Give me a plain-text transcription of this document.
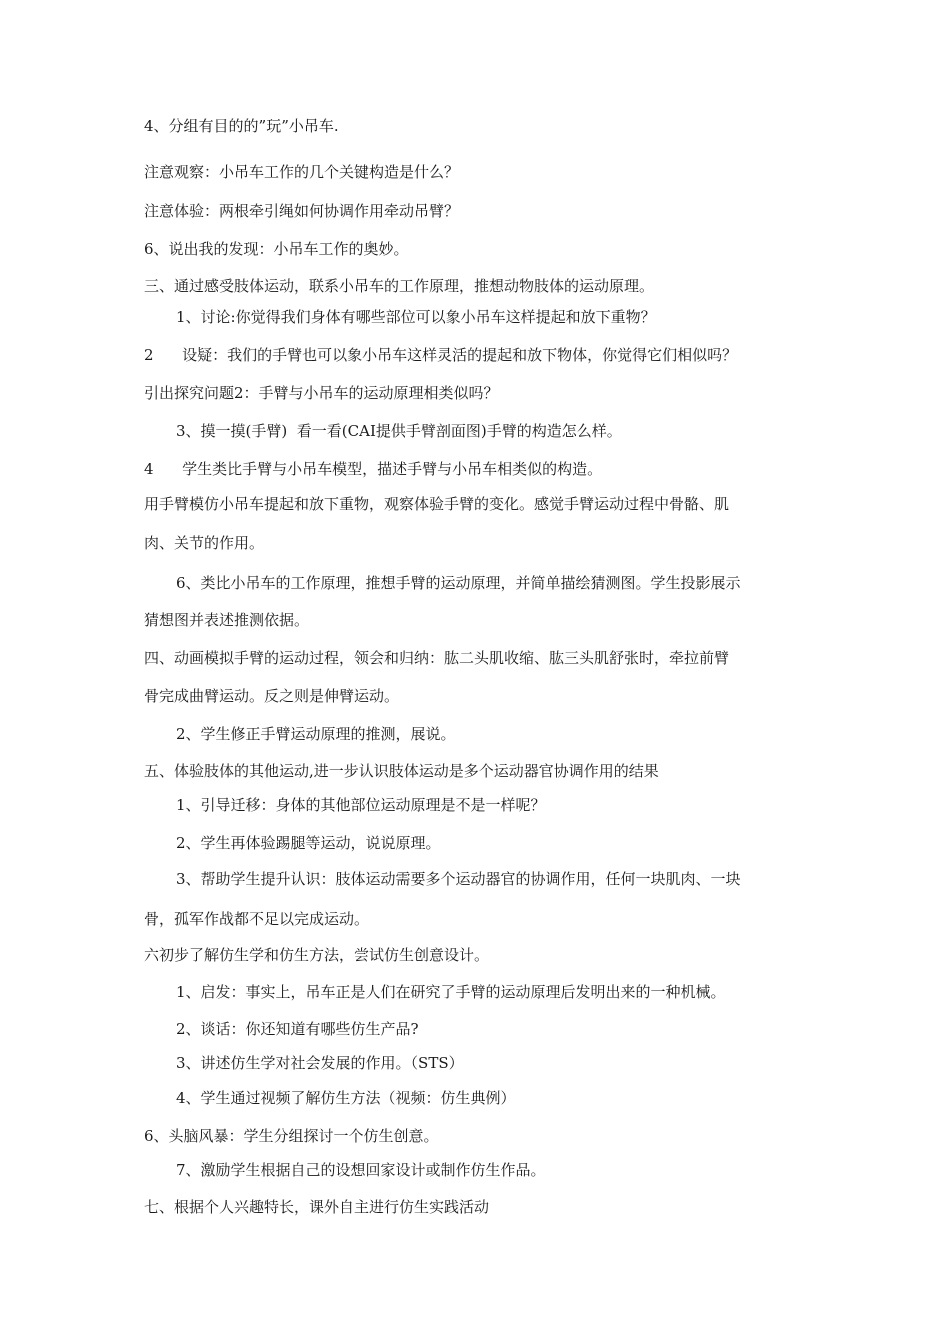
4、分组有目的的”玩”小吊车.
注意观察：小吊车工作的几个关键构造是什么？
注意体验：两根牵引绳如何协调作用牵动吊臂？
6、说出我的发现：小吊车工作的奥妙。
三、通过感受肢体运动，联系小吊车的工作原理，推想动物肢体的运动原理。
1、讨论:你觉得我们身体有哪些部位可以象小吊车这样提起和放下重物？
2      设疑：我们的手臂也可以象小吊车这样灵活的提起和放下物体，你觉得它们相似吗？
引出探究问题2：手臂与小吊车的运动原理相类似吗？
3、摸一摸(手臂)  看一看(CAI提供手臂剖面图)手臂的构造怎么样。
4      学生类比手臂与小吊车模型，描述手臂与小吊车相类似的构造。
用手臂模仿小吊车提起和放下重物，观察体验手臂的变化。感觉手臂运动过程中骨骼、肌
肉、关节的作用。
6、类比小吊车的工作原理，推想手臂的运动原理，并简单描绘猜测图。学生投影展示
猜想图并表述推测依据。
四、动画模拟手臂的运动过程，领会和归纳：肱二头肌收缩、肱三头肌舒张时，牵拉前臂
骨完成曲臂运动。反之则是伸臂运动。
2、学生修正手臂运动原理的推测，展说。
五、体验肢体的其他运动,进一步认识肢体运动是多个运动器官协调作用的结果
1、引导迁移：身体的其他部位运动原理是不是一样呢？
2、学生再体验踢腿等运动，说说原理。
3、帮助学生提升认识：肢体运动需要多个运动器官的协调作用，任何一块肌肉、一块
骨，孤军作战都不足以完成运动。
六初步了解仿生学和仿生方法，尝试仿生创意设计。
1、启发：事实上，吊车正是人们在研究了手臂的运动原理后发明出来的一种机械。
2、谈话：你还知道有哪些仿生产品?
3、讲述仿生学对社会发展的作用。（STS）
4、学生通过视频了解仿生方法（视频：仿生典例）
6、头脑风暴：学生分组探讨一个仿生创意。
7、激励学生根据自己的设想回家设计或制作仿生作品。
七、根据个人兴趣特长，课外自主进行仿生实践活动
